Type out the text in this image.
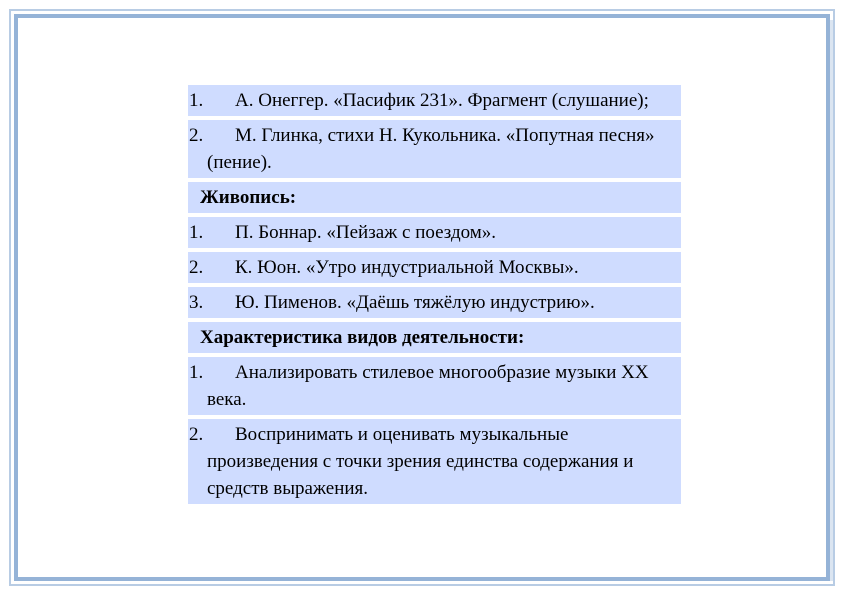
1.	А. Онеггер. «Пасифик 231». Фрагмент (слушание);
2.	М. Глинка, стихи Н. Кукольника. «Попутная песня» (пение).
Живопись:
1.	П. Боннар. «Пейзаж с поездом».
2.	К. Юон. «Утро индустриальной Москвы».
3.	Ю. Пименов. «Даёшь тяжёлую индустрию».
Характеристика видов деятельности:
1.	Анализировать стилевое многообразие музыки XX века.
2.	Воспринимать и оценивать музыкальные произведения с точки зрения единства содержания и средств выражения.
